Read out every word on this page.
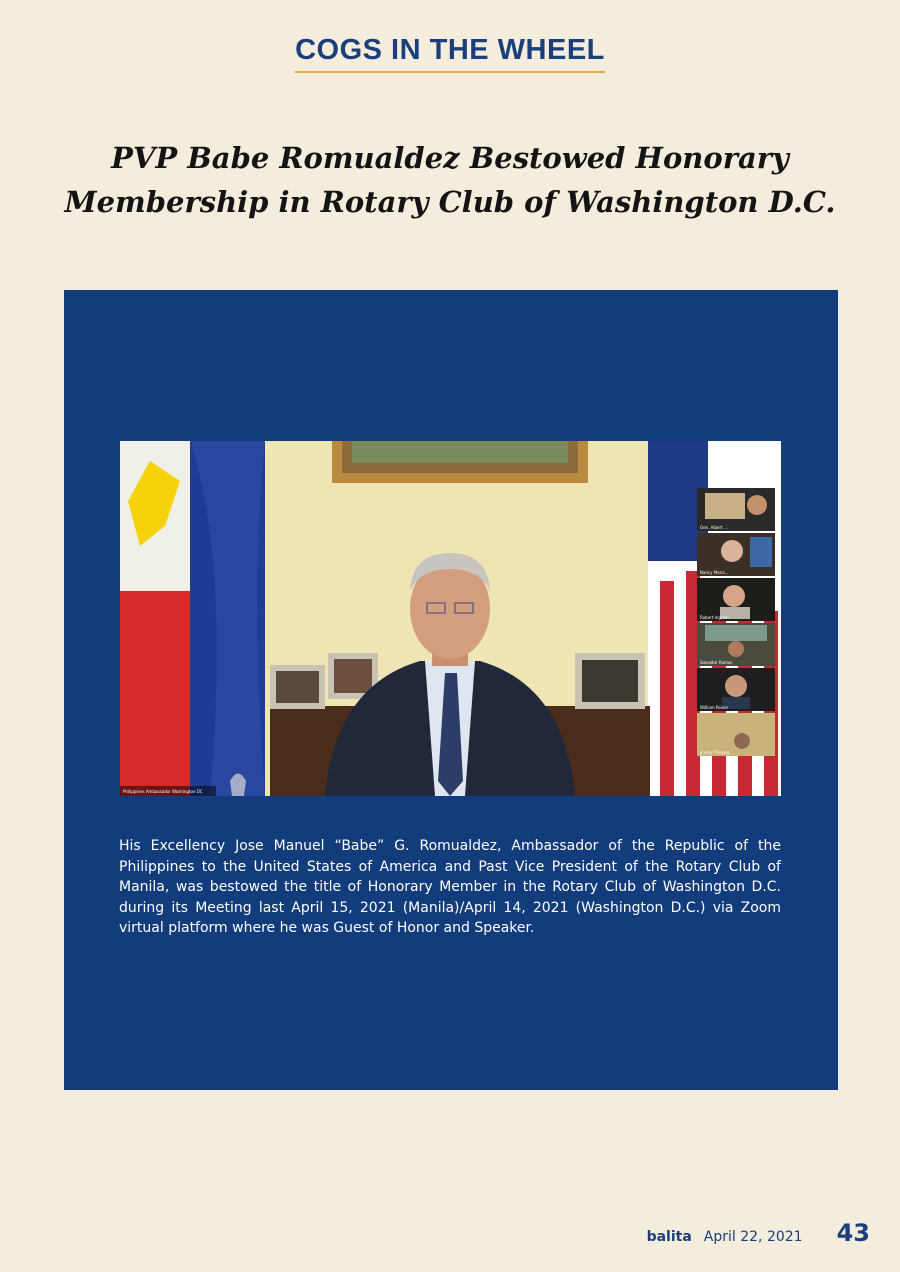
COGS IN THE WHEEL
PVP Babe Romualdez Bestowed Honorary
Membership in Rotary Club of Washington D.C.
Philippines Ambassador Washington DC
Gen. Albert ...
Nancy Mana...
Robert Ingram
Salvador Ramos
William Reiser
Jimmy Cheong
His Excellency Jose Manuel “Babe” G. Romualdez, Ambassador of the Republic of the Philippines to the United States of America and Past Vice President of the Rotary Club of Manila, was bestowed the title of Honorary Member in the Rotary Club of Washington D.C. during its Meeting last April 15, 2021 (Manila)/April 14, 2021 (Washington D.C.) via Zoom virtual platform where he was Guest of Honor and Speaker.
balita April 22, 2021 43
